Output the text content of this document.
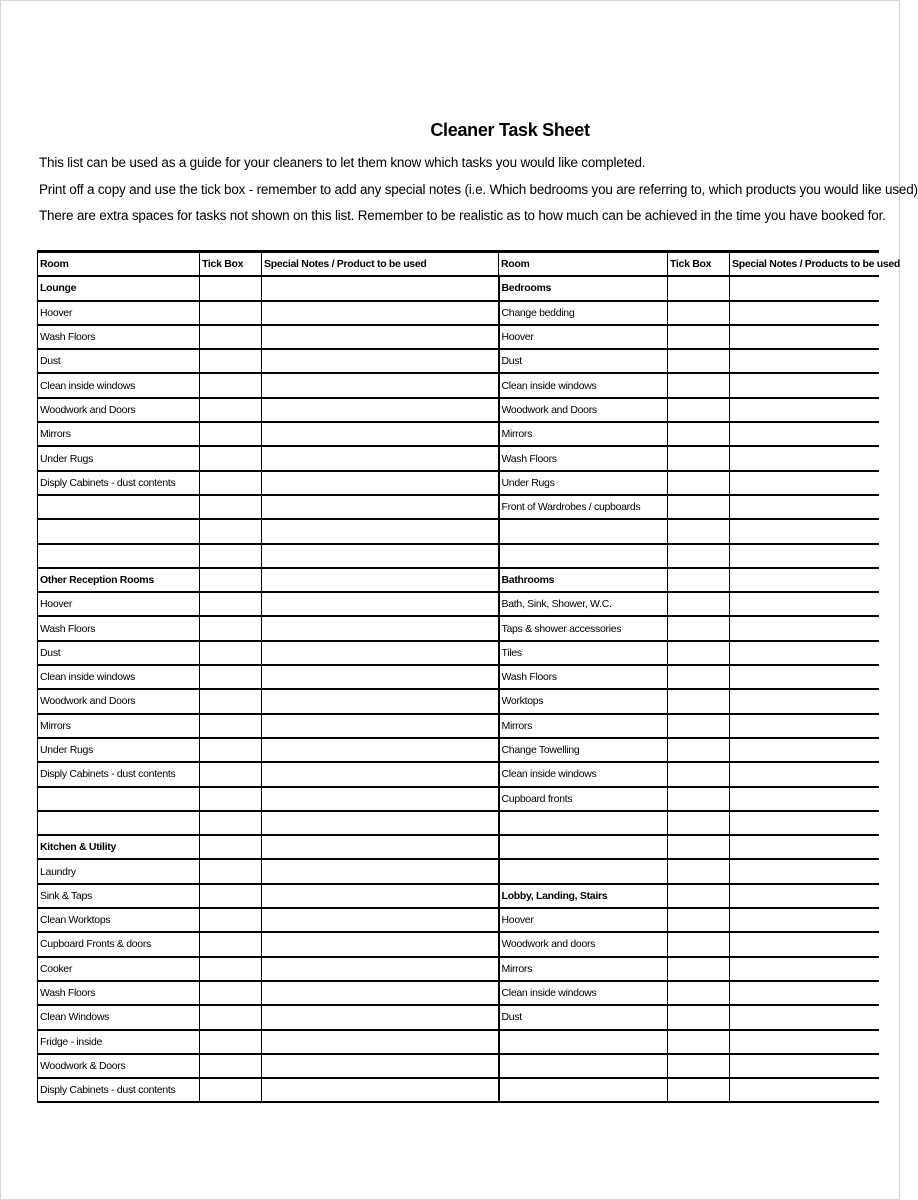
Cleaner Task Sheet
This list can be used as a guide for your cleaners to let them know which tasks you would like completed.
Print off a copy and use the tick box - remember to add any special notes (i.e. Which bedrooms you are referring to, which products you would like used)
There are extra spaces for tasks not shown on this list. Remember to be realistic as to how much can be achieved in the time you have booked for.
Room	Tick Box	Special Notes / Product to be used	Room	Tick Box	Special Notes / Products to be used
Lounge			Bedrooms		
Hoover			Change bedding		
Wash Floors			Hoover		
Dust			Dust		
Clean inside windows			Clean inside windows		
Woodwork and Doors			Woodwork and Doors		
Mirrors			Mirrors		
Under Rugs			Wash Floors		
Disply Cabinets - dust contents			Under Rugs		
			Front of Wardrobes / cupboards		

Other Reception Rooms			Bathrooms		
Hoover			Bath, Sink, Shower, W.C.		
Wash Floors			Taps & shower accessories		
Dust			Tiles		
Clean inside windows			Wash Floors		
Woodwork and Doors			Worktops		
Mirrors			Mirrors		
Under Rugs			Change Towelling		
Disply Cabinets - dust contents			Clean inside windows		
			Cupboard fronts		

Kitchen & Utility					
Laundry					
Sink & Taps			Lobby, Landing, Stairs		
Clean Worktops			Hoover		
Cupboard Fronts & doors			Woodwork and doors		
Cooker			Mirrors		
Wash Floors			Clean inside windows		
Clean Windows			Dust		
Fridge - inside					
Woodwork & Doors					
Disply Cabinets - dust contents					
